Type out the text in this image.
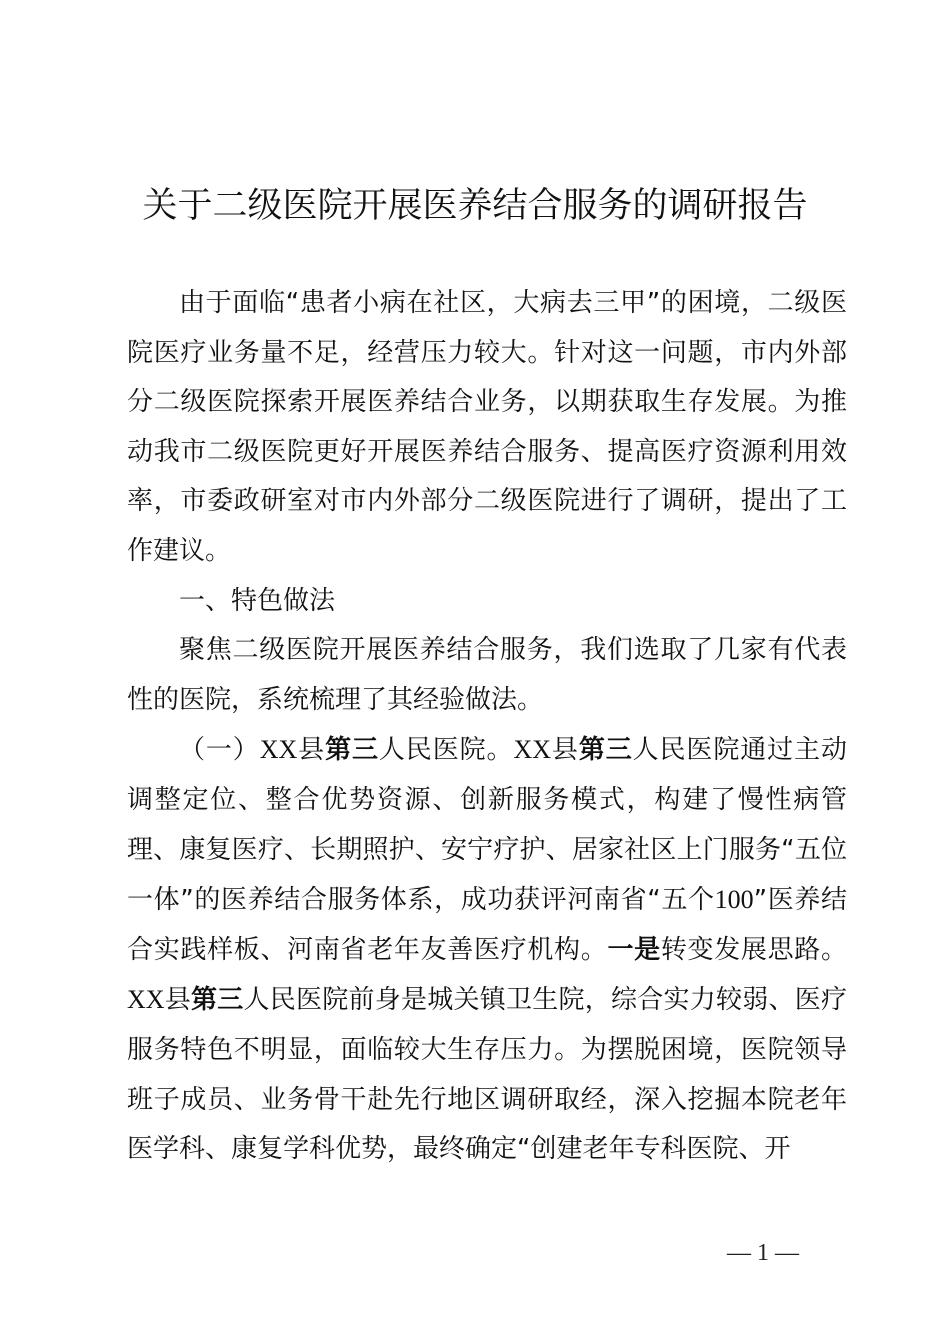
关于二级医院开展医养结合服务的调研报告

由于面临“患者小病在社区，大病去三甲”的困境，二级医院医疗业务量不足，经营压力较大。针对这一问题，市内外部分二级医院探索开展医养结合业务，以期获取生存发展。为推动我市二级医院更好开展医养结合服务、提高医疗资源利用效率，市委政研室对市内外部分二级医院进行了调研，提出了工作建议。

一、特色做法

聚焦二级医院开展医养结合服务，我们选取了几家有代表性的医院，系统梳理了其经验做法。

（一）XX县第三人民医院。XX县第三人民医院通过主动调整定位、整合优势资源、创新服务模式，构建了慢性病管理、康复医疗、长期照护、安宁疗护、居家社区上门服务“五位一体”的医养结合服务体系，成功获评河南省“五个100”医养结合实践样板、河南省老年友善医疗机构。一是转变发展思路。XX县第三人民医院前身是城关镇卫生院，综合实力较弱、医疗服务特色不明显，面临较大生存压力。为摆脱困境，医院领导班子成员、业务骨干赴先行地区调研取经，深入挖掘本院老年医学科、康复学科优势，最终确定“创建老年专科医院、开

— 1 —
